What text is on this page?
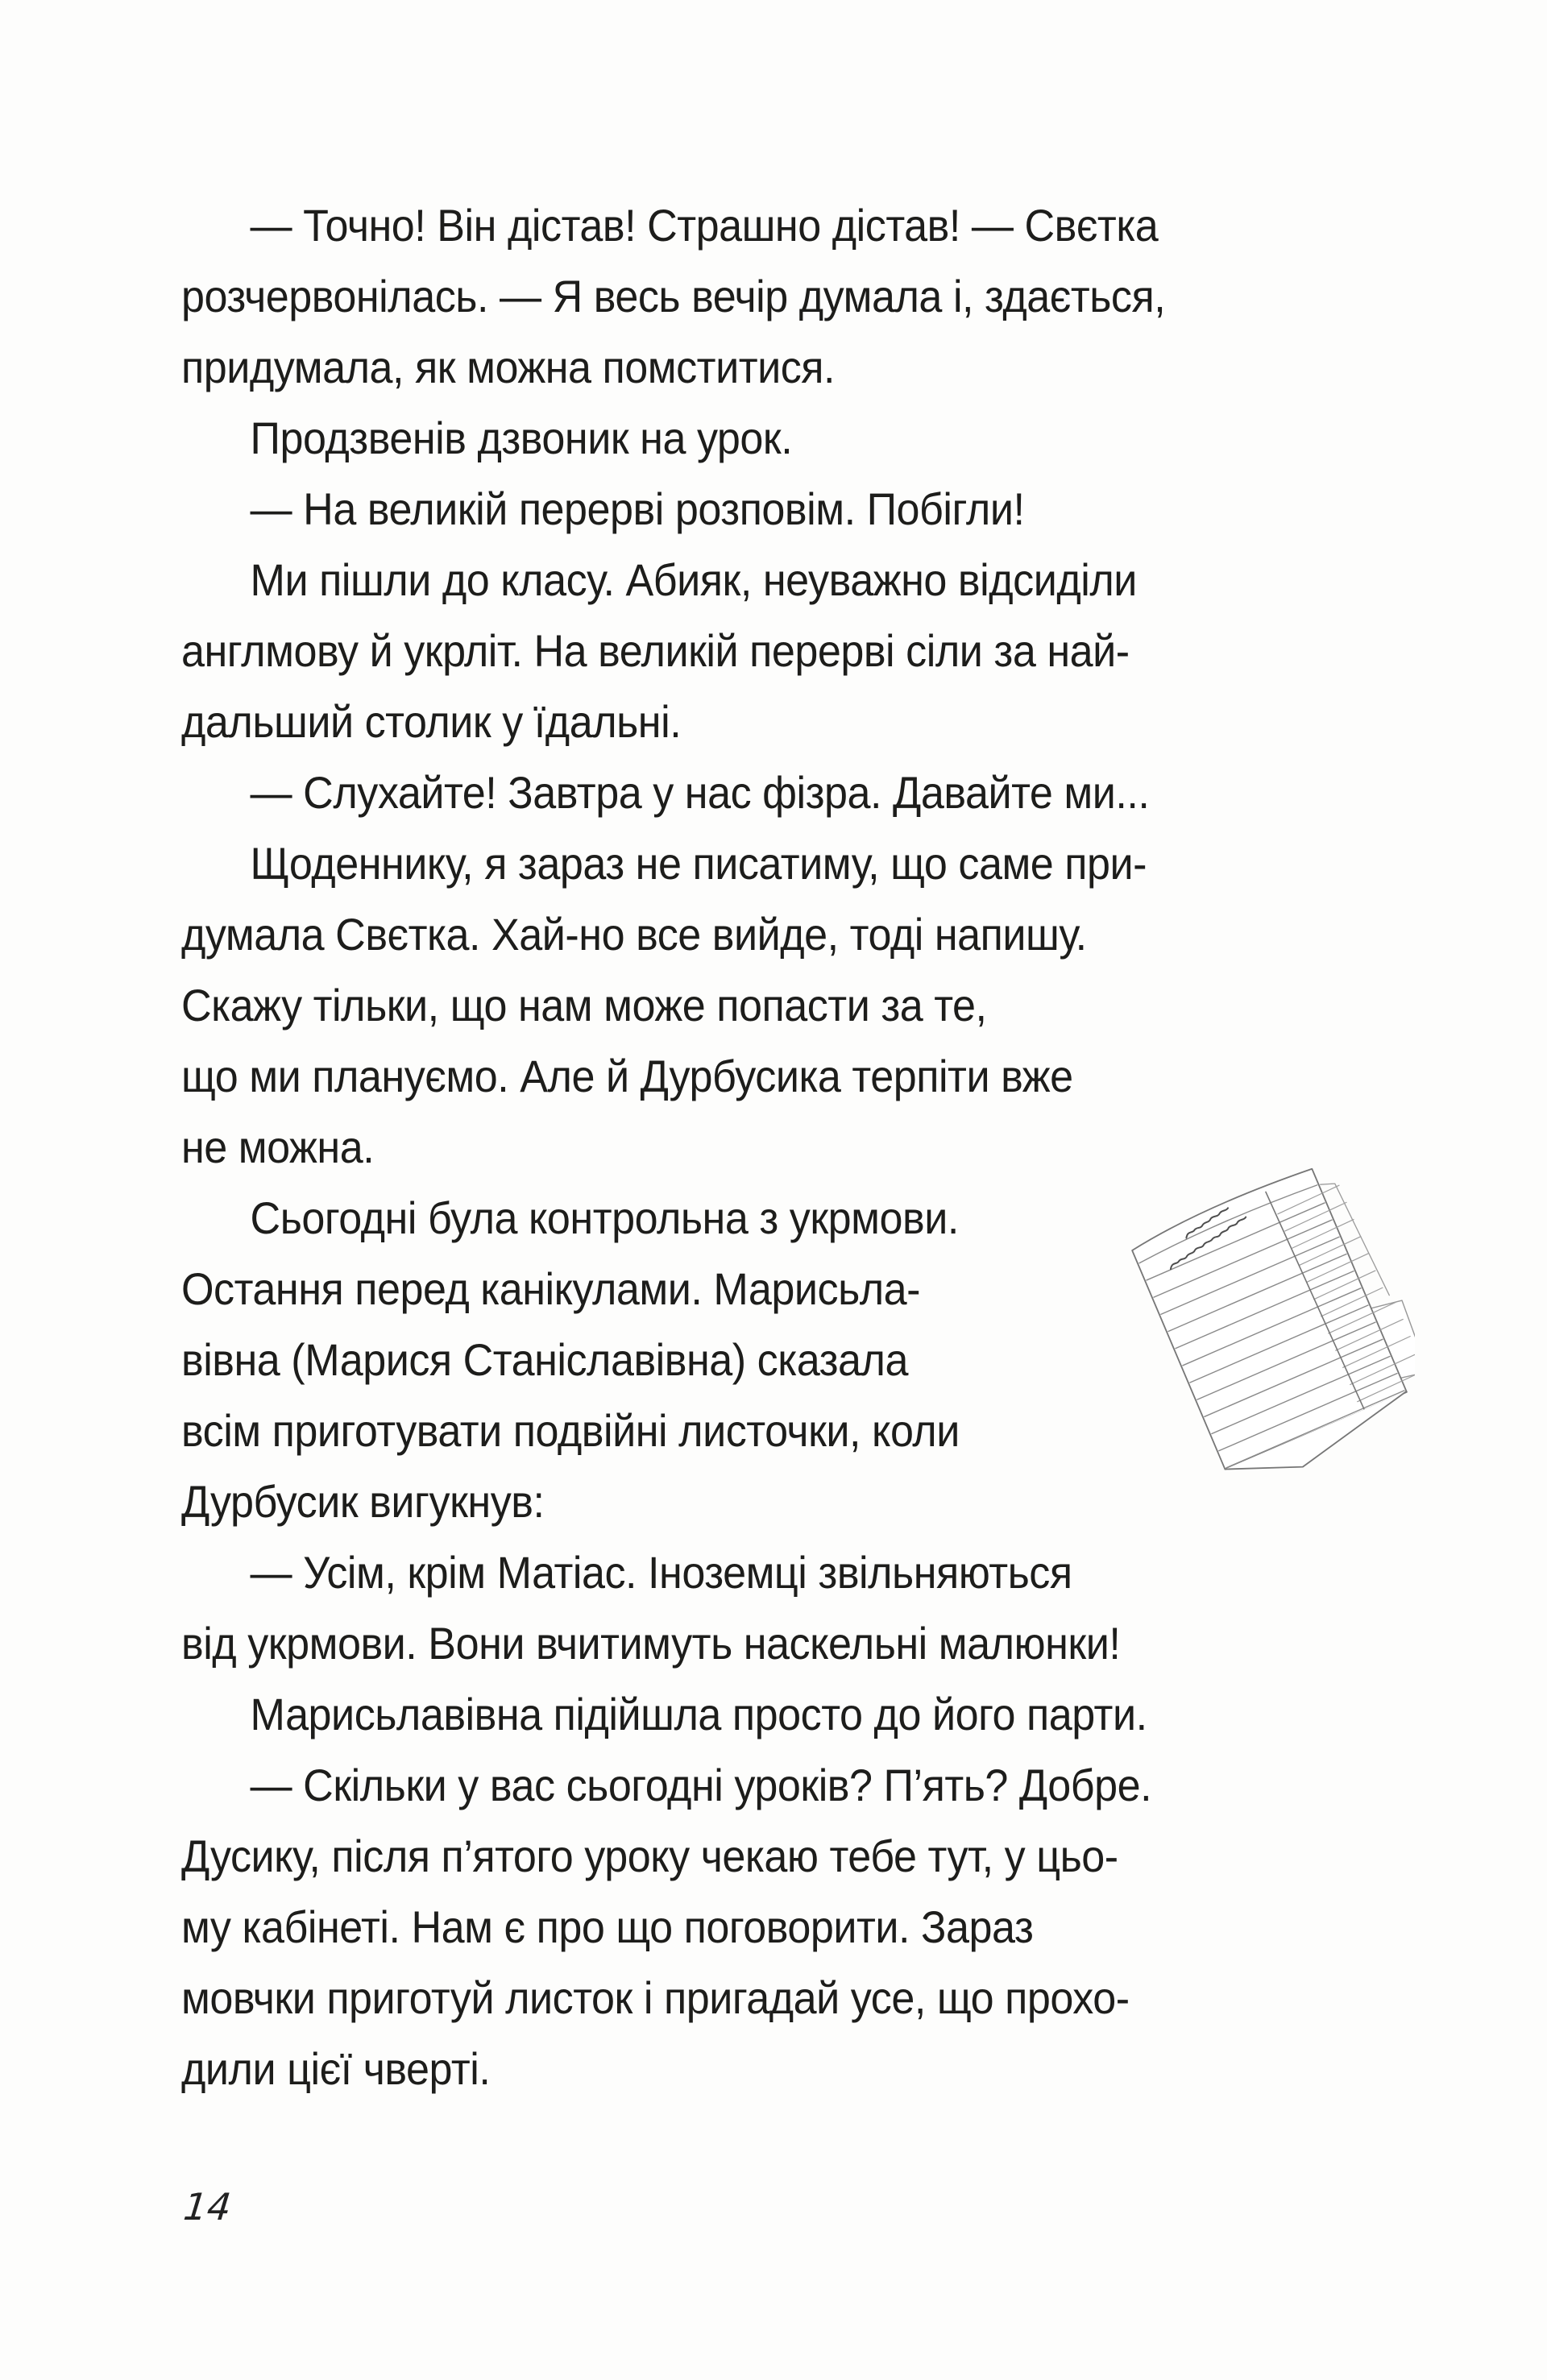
— Точно! Він дістав! Страшно дістав! — Свєтка
розчервонілась. — Я весь вечір думала і, здається,
придумала, як можна помститися.
Продзвенів дзвоник на урок.
— На великій перерві розповім. Побігли!
Ми пішли до класу. Абияк, неуважно відсиділи
англмову й укрліт. На великій перерві сіли за най-
дальший столик у їдальні.
— Слухайте! Завтра у нас фізра. Давайте ми...
Щоденнику, я зараз не писатиму, що саме при-
думала Свєтка. Хай-но все вийде, тоді напишу.
Скажу тільки, що нам може попасти за те,
що ми плануємо. Але й Дурбусика терпіти вже
не можна.
Сьогодні була контрольна з укрмови.
Остання перед канікулами. Марисьла-
вівна (Марися Станіславівна) сказала
всім приготувати подвійні листочки, коли
Дурбусик вигукнув:
— Усім, крім Матіас. Іноземці звільняються
від укрмови. Вони вчитимуть наскельні малюнки!
Марисьлавівна підійшла просто до його парти.
— Скільки у вас сьогодні уроків? П’ять? Добре.
Дусику, після п’ятого уроку чекаю тебе тут, у цьо-
му кабінеті. Нам є про що поговорити. Зараз
мовчки приготуй листок і пригадай усе, що прохо-
дили цієї чверті.
14
